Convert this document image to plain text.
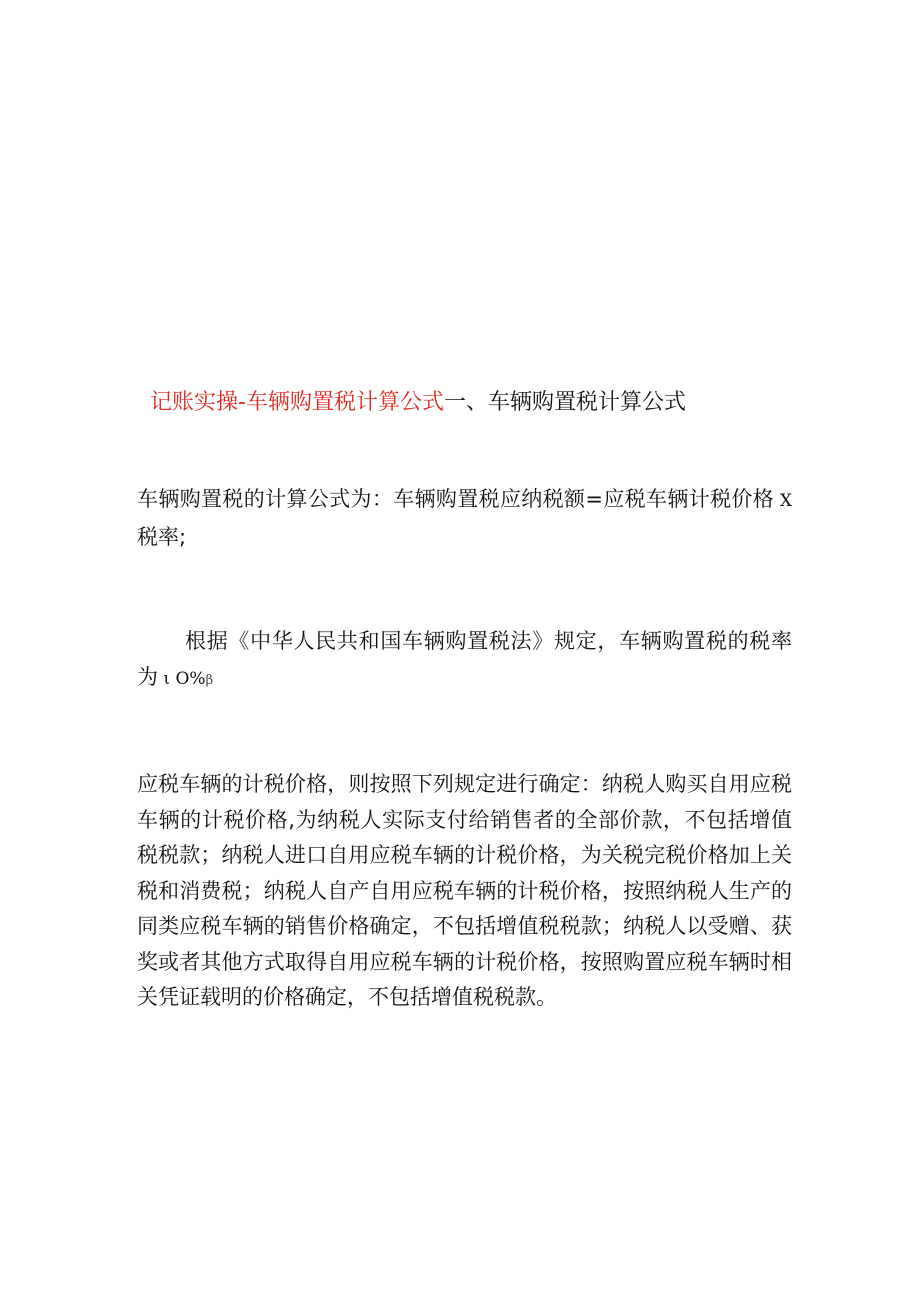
记账实操-车辆购置税计算公式一、车辆购置税计算公式

车辆购置税的计算公式为：车辆购置税应纳税额=应税车辆计税价格 X 税率;

根据《中华人民共和国车辆购置税法》规定，车辆购置税的税率为 ι O%β

应税车辆的计税价格，则按照下列规定进行确定：纳税人购买自用应税车辆的计税价格,为纳税人实际支付给销售者的全部价款，不包括增值税税款；纳税人进口自用应税车辆的计税价格，为关税完税价格加上关税和消费税；纳税人自产自用应税车辆的计税价格，按照纳税人生产的同类应税车辆的销售价格确定，不包括增值税税款；纳税人以受赠、获奖或者其他方式取得自用应税车辆的计税价格，按照购置应税车辆时相关凭证载明的价格确定，不包括增值税税款。
